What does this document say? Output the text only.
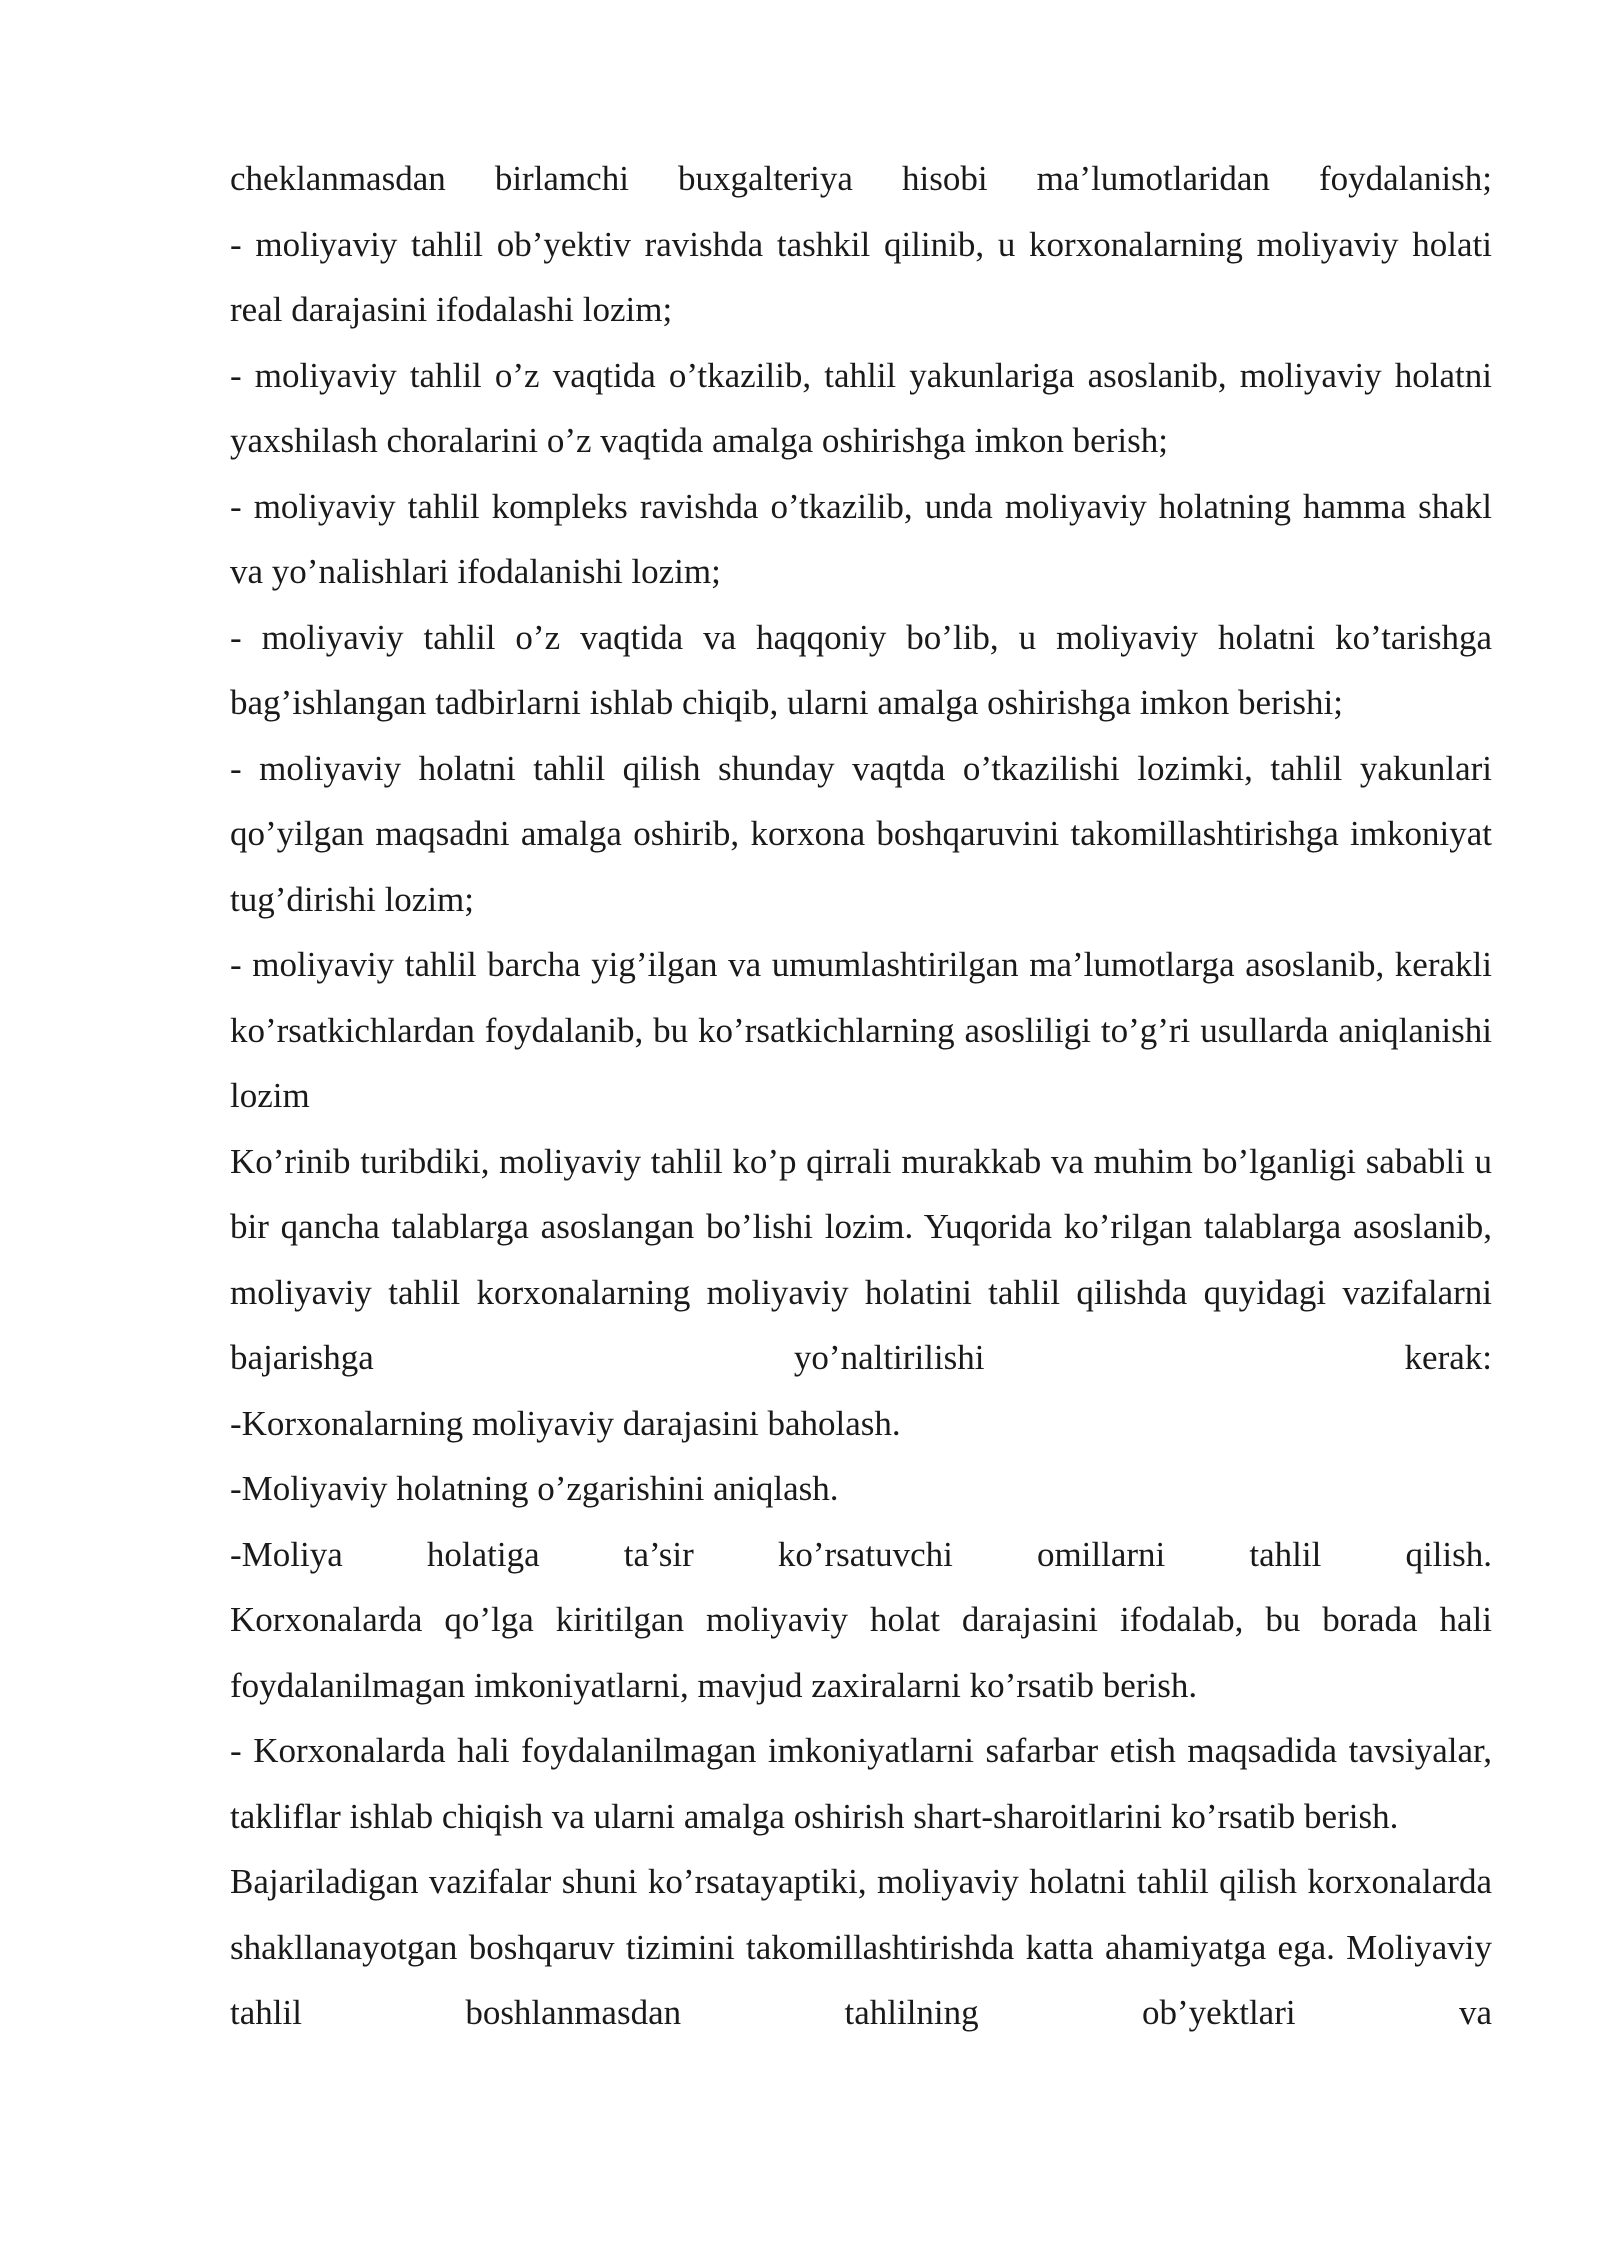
cheklanmasdan birlamchi buxgalteriya hisobi ma’lumotlaridan foydalanish;

- moliyaviy tahlil ob’yektiv ravishda tashkil qilinib, u korxonalarning moliyaviy holati real darajasini ifodalashi lozim;

- moliyaviy tahlil o’z vaqtida o’tkazilib, tahlil yakunlariga asoslanib, moliyaviy holatni yaxshilash choralarini o’z vaqtida amalga oshirishga imkon berish;

- moliyaviy tahlil kompleks ravishda o’tkazilib, unda moliyaviy holatning hamma shakl va yo’nalishlari ifodalanishi lozim;

- moliyaviy tahlil o’z vaqtida va haqqoniy bo’lib, u moliyaviy holatni ko’tarishga bag’ishlangan tadbirlarni ishlab chiqib, ularni amalga oshirishga imkon berishi;

- moliyaviy holatni tahlil qilish shunday vaqtda o’tkazilishi lozimki, tahlil yakunlari qo’yilgan maqsadni amalga oshirib, korxona boshqaruvini takomillashtirishga imkoniyat tug’dirishi lozim;

- moliyaviy tahlil barcha yig’ilgan va umumlashtirilgan ma’lumotlarga asoslanib, kerakli ko’rsatkichlardan foydalanib, bu ko’rsatkichlarning asosliligi to’g’ri usullarda aniqlanishi lozim

Ko’rinib turibdiki, moliyaviy tahlil ko’p qirrali murakkab va muhim bo’lganligi sababli u bir qancha talablarga asoslangan bo’lishi lozim. Yuqorida ko’rilgan talablarga asoslanib, moliyaviy tahlil korxonalarning moliyaviy holatini tahlil qilishda quyidagi vazifalarni bajarishga yo’naltirilishi kerak:

-Korxonalarning moliyaviy darajasini baholash.

-Moliyaviy holatning o’zgarishini aniqlash.

-Moliya holatiga ta’sir ko’rsatuvchi omillarni tahlil qilish.

Korxonalarda qo’lga kiritilgan moliyaviy holat darajasini ifodalab, bu borada hali foydalanilmagan imkoniyatlarni, mavjud zaxiralarni ko’rsatib berish.

- Korxonalarda hali foydalanilmagan imkoniyatlarni safarbar etish maqsadida tavsiyalar, takliflar ishlab chiqish va ularni amalga oshirish shart-sharoitlarini ko’rsatib berish.

Bajariladigan vazifalar shuni ko’rsatayaptiki, moliyaviy holatni tahlil qilish korxonalarda shakllanayotgan boshqaruv tizimini takomillashtirishda katta ahamiyatga ega. Moliyaviy tahlil boshlanmasdan tahlilning ob’yektlari va
